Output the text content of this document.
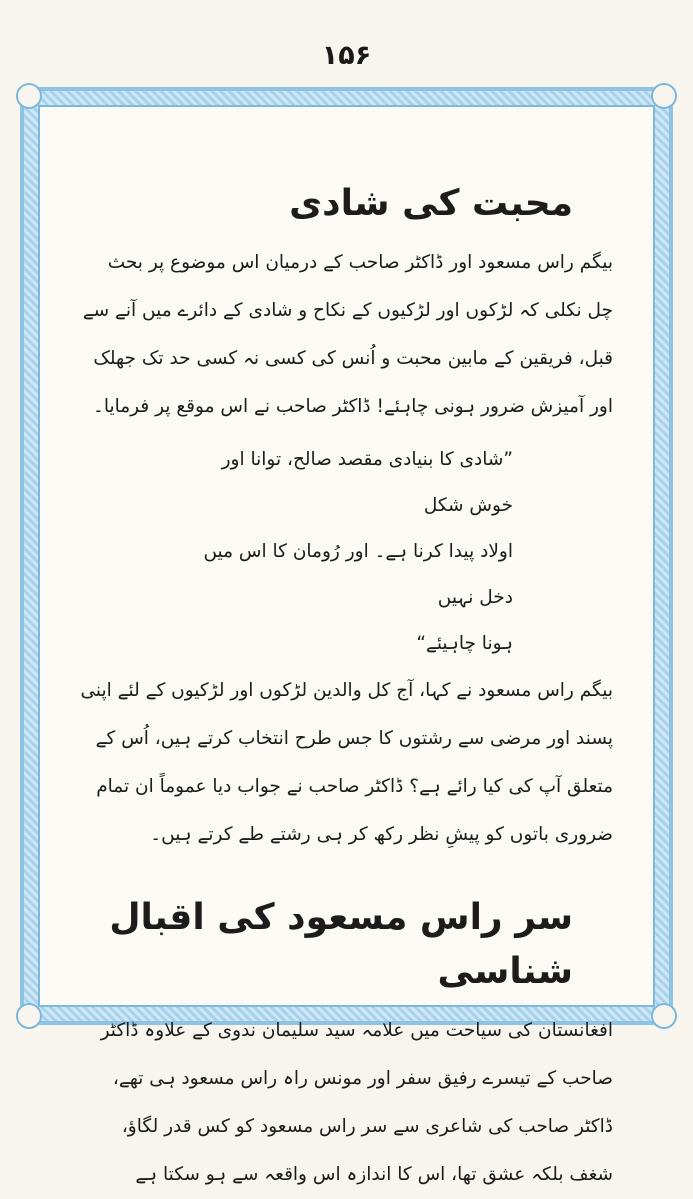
۱۵۶
محبت کی شادی

بیگم راس مسعود اور ڈاکٹر صاحب کے درمیان اس موضوع پر بحث چل نکلی کہ لڑکوں اور لڑکیوں کے نکاح و شادی کے دائرے میں آنے سے قبل، فریقین کے مابین محبت و اُنس کی کسی نہ کسی حد تک جھلک اور آمیزش ضرور ہونی چاہئے! ڈاکٹر صاحب نے اس موقع پر فرمایا۔

”شادی کا بنیادی مقصد صالح، توانا اور خوش شکل
اولاد پیدا کرنا ہے۔ اور رُومان کا اس میں دخل نہیں
ہونا چاہیئے“

بیگم راس مسعود نے کہا، آج کل والدین لڑکوں اور لڑکیوں کے لئے اپنی پسند اور مرضی سے رشتوں کا جس طرح انتخاب کرتے ہیں، اُس کے متعلق آپ کی کیا رائے ہے؟ ڈاکٹر صاحب نے جواب دیا عموماً ان تمام ضروری باتوں کو پیشِ نظر رکھ کر ہی رشتے طے کرتے ہیں۔

سر راس مسعود کی اقبال شناسی

افغانستان کی سیاحت میں علامہ سید سلیمان ندوی کے علاوہ ڈاکٹر صاحب کے تیسرے رفیق سفر اور مونس راہ راس مسعود ہی تھے، ڈاکٹر صاحب کی شاعری سے سر راس مسعود کو کس قدر لگاؤ، شغف بلکہ عشق تھا، اس کا اندازہ اس واقعہ سے ہو سکتا ہے
